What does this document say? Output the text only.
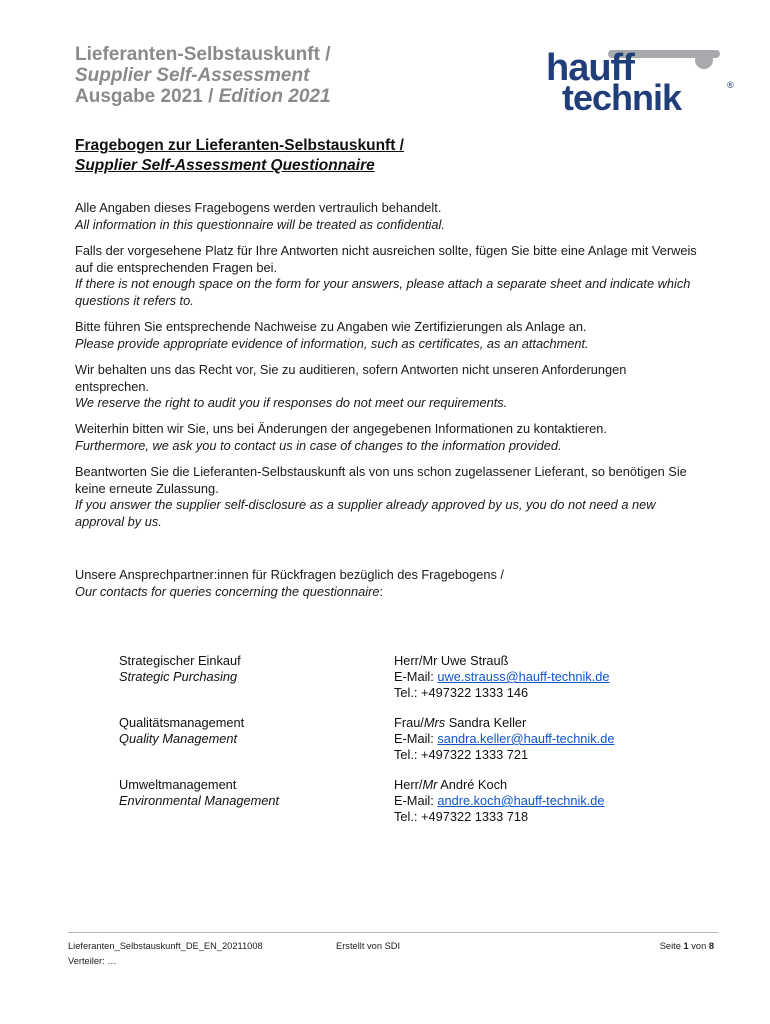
Lieferanten-Selbstauskunft /
Supplier Self-Assessment
Ausgabe 2021 / Edition 2021
hauff
technik	®
Fragebogen zur Lieferanten-Selbstauskunft /
Supplier Self-Assessment Questionnaire
Alle Angaben dieses Fragebogens werden vertraulich behandelt.
All information in this questionnaire will be treated as confidential.
Falls der vorgesehene Platz für Ihre Antworten nicht ausreichen sollte, fügen Sie bitte eine Anlage mit Verweis auf die entsprechenden Fragen bei.
If there is not enough space on the form for your answers, please attach a separate sheet and indicate which questions it refers to.
Bitte führen Sie entsprechende Nachweise zu Angaben wie Zertifizierungen als Anlage an.
Please provide appropriate evidence of information, such as certificates, as an attachment.
Wir behalten uns das Recht vor, Sie zu auditieren, sofern Antworten nicht unseren Anforderungen entsprechen.
We reserve the right to audit you if responses do not meet our requirements.
Weiterhin bitten wir Sie, uns bei Änderungen der angegebenen Informationen zu kontaktieren.
Furthermore, we ask you to contact us in case of changes to the information provided.
Beantworten Sie die Lieferanten-Selbstauskunft als von uns schon zugelassener Lieferant, so benötigen Sie keine erneute Zulassung.
If you answer the supplier self-disclosure as a supplier already approved by us, you do not need a new approval by us.
Unsere Ansprechpartner:innen für Rückfragen bezüglich des Fragebogens /
Our contacts for queries concerning the questionnaire:
Strategischer Einkauf
Strategic Purchasing
Herr/Mr Uwe Strauß
E-Mail: uwe.strauss@hauff-technik.de
Tel.: +497322 1333 146
Qualitätsmanagement
Quality Management
Frau/Mrs Sandra Keller
E-Mail: sandra.keller@hauff-technik.de
Tel.: +497322 1333 721
Umweltmanagement
Environmental Management
Herr/Mr André Koch
E-Mail: andre.koch@hauff-technik.de
Tel.: +497322 1333 718
Lieferanten_Selbstauskunft_DE_EN_20211008
Verteiler: …
Erstellt von SDI	Seite 1 von 8
